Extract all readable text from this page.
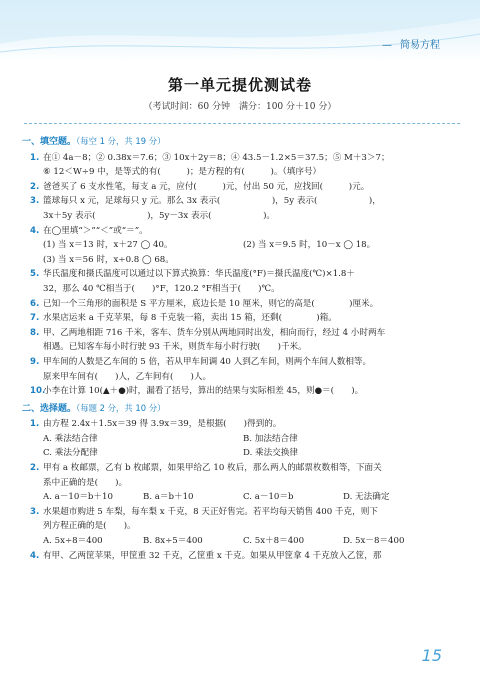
— 简易方程
第一单元提优测试卷
（考试时间：60 分钟　满分：100 分＋10 分）
一、填空题。（每空 1 分，共 19 分）
1. 在① 4a－8；② 0.38x＝7.6；③ 10x＋2y＝8；④ 43.5－1.2×5＝37.5；⑤ M＋3＞7；
⑥ 12＜W÷9 中，是等式的有(　　　)；是方程的有(　　　)。（填序号）
2. 爸爸买了 6 支水性笔，每支 a 元，应付(　　　)元，付出 50 元，应找回(　　　)元。
3. 篮球每只 x 元，足球每只 y 元。那么 3x 表示(　　　　　　)，5y 表示(　　　　　　)，
3x＋5y 表示(　　　　　　)，5y－3x 表示(　　　　　　)。
4. 在◯里填“＞”“＜”或“＝”。
(1) 当 x＝13 时，x＋27 ◯ 40。	(2) 当 x＝9.5 时，10－x ◯ 18。
(3) 当 x＝56 时，x÷0.8 ◯ 68。
5. 华氏温度和摄氏温度可以通过以下算式换算：华氏温度(°F)＝摄氏温度(℃)×1.8＋
32，那么 40 ℃相当于(　　)°F，120.2 °F相当于(　　)℃。
6. 已知一个三角形的面积是 S 平方厘米，底边长是 10 厘米，则它的高是(　　　　)厘米。
7. 水果店运来 a 千克苹果，每 8 千克装一箱，卖出 15 箱，还剩(　　　　)箱。
8. 甲、乙两地相距 716 千米，客车、货车分别从两地同时出发，相向而行，经过 4 小时两车
相遇。已知客车每小时行驶 93 千米，则货车每小时行驶(　　)千米。
9. 甲车间的人数是乙车间的 5 倍，若从甲车间调 40 人到乙车间，则两个车间人数相等。
原来甲车间有(　　)人，乙车间有(　　)人。
10.
小李在计算 10(▲＋●)时，漏看了括号，算出的结果与实际相差 45，则●＝(　　)。
二、选择题。（每题 2 分，共 10 分）
1. 由方程 2.4x＋1.5x＝39 得 3.9x＝39，是根据(　　)得到的。
A. 乘法结合律	B. 加法结合律
C. 乘法分配律	D. 乘法交换律
2. 甲有 a 枚邮票，乙有 b 枚邮票，如果甲给乙 10 枚后，那么两人的邮票枚数相等，下面关
系中正确的是(　　)。
A. a－10＝b＋10	B. a＝b＋10	C. a－10＝b	D. 无法确定
3. 水果超市购进 5 车梨，每车梨 x 千克，8 天正好售完。若平均每天销售 400 千克，则下
列方程正确的是(　　)。
A. 5x÷8＝400	B. 8x÷5＝400	C. 5x＋8＝400	D. 5x－8＝400
4. 有甲、乙两筐苹果，甲筐重 32 千克，乙筐重 x 千克。如果从甲筐拿 4 千克放入乙筐，那
15
